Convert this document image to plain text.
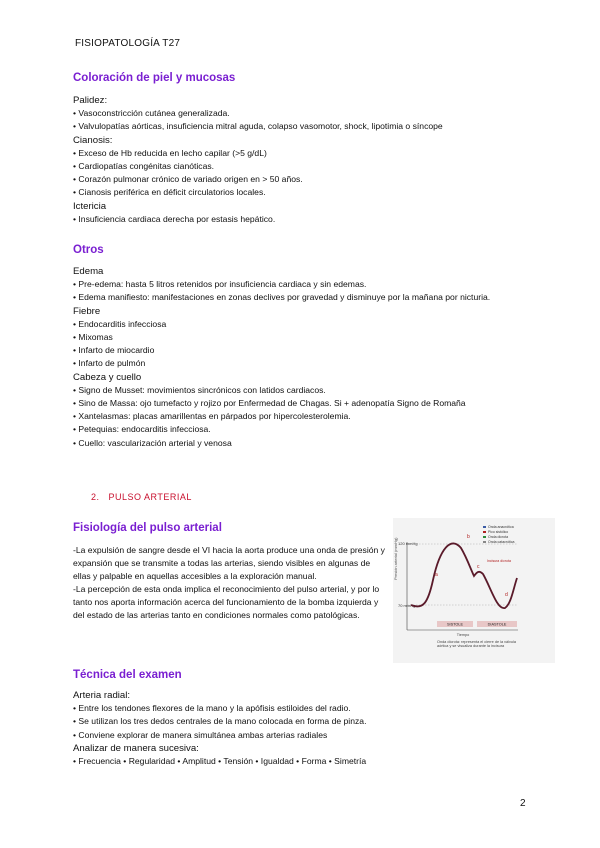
FISIOPATOLOGÍA T27
Coloración de piel y mucosas
Palidez:
• Vasoconstricción cutánea generalizada.
• Valvulopatías aórticas, insuficiencia mitral aguda, colapso vasomotor, shock, lipotimia o síncope
Cianosis:
• Exceso de Hb reducida en lecho capilar (>5 g/dL)
• Cardiopatías congénitas cianóticas.
• Corazón pulmonar crónico de variado origen en > 50 años.
• Cianosis periférica en déficit circulatorios locales.
Ictericia
• Insuficiencia cardiaca derecha por estasis hepático.
Otros
Edema
• Pre-edema: hasta 5 litros retenidos por insuficiencia cardiaca y sin edemas.
• Edema manifiesto: manifestaciones en zonas declives por gravedad y disminuye por la mañana por nicturia.
Fiebre
• Endocarditis infecciosa
• Mixomas
• Infarto de miocardio
• Infarto de pulmón
Cabeza y cuello
• Signo de Musset: movimientos sincrónicos con latidos cardiacos.
• Sino de Massa: ojo tumefacto y rojizo por Enfermedad de Chagas. Si + adenopatía Signo de Romaña
• Xantelasmas: placas amarillentas en párpados por hipercolesterolemia.
• Petequias: endocarditis infecciosa.
• Cuello: vascularización arterial y venosa
2. PULSO ARTERIAL
Fisiología del pulso arterial
-La expulsión de sangre desde el VI hacia la aorta produce una onda de presión y expansión que se transmite a todas las arterias, siendo visibles en algunas de ellas y palpable en aquellas accesibles a la exploración manual.
-La percepción de esta onda implica el reconocimiento del pulso arterial, y por lo tanto nos aporta información acerca del funcionamiento de la bomba izquierda y del estado de las arterias tanto en condiciones normales como patológicas.
Presión arterial (mmHg) 120 mmHg
70 mmHg
b
a
c
d
Incisura dícrota
Onda anacrótica
Pico sistólico
Onda dicrota
Onda catacrótica
SISTOLE	DIASTOLE
Tiempo
Onda dícrota: representa el cierre de la válvula aórtica y se visualiza durante la incisura
Técnica del examen
Arteria radial:
• Entre los tendones flexores de la mano y la apófisis estiloides del radio.
• Se utilizan los tres dedos centrales de la mano colocada en forma de pinza.
• Conviene explorar de manera simultánea ambas arterias radiales
Analizar de manera sucesiva:
• Frecuencia • Regularidad • Amplitud • Tensión • Igualdad • Forma • Simetría
2
